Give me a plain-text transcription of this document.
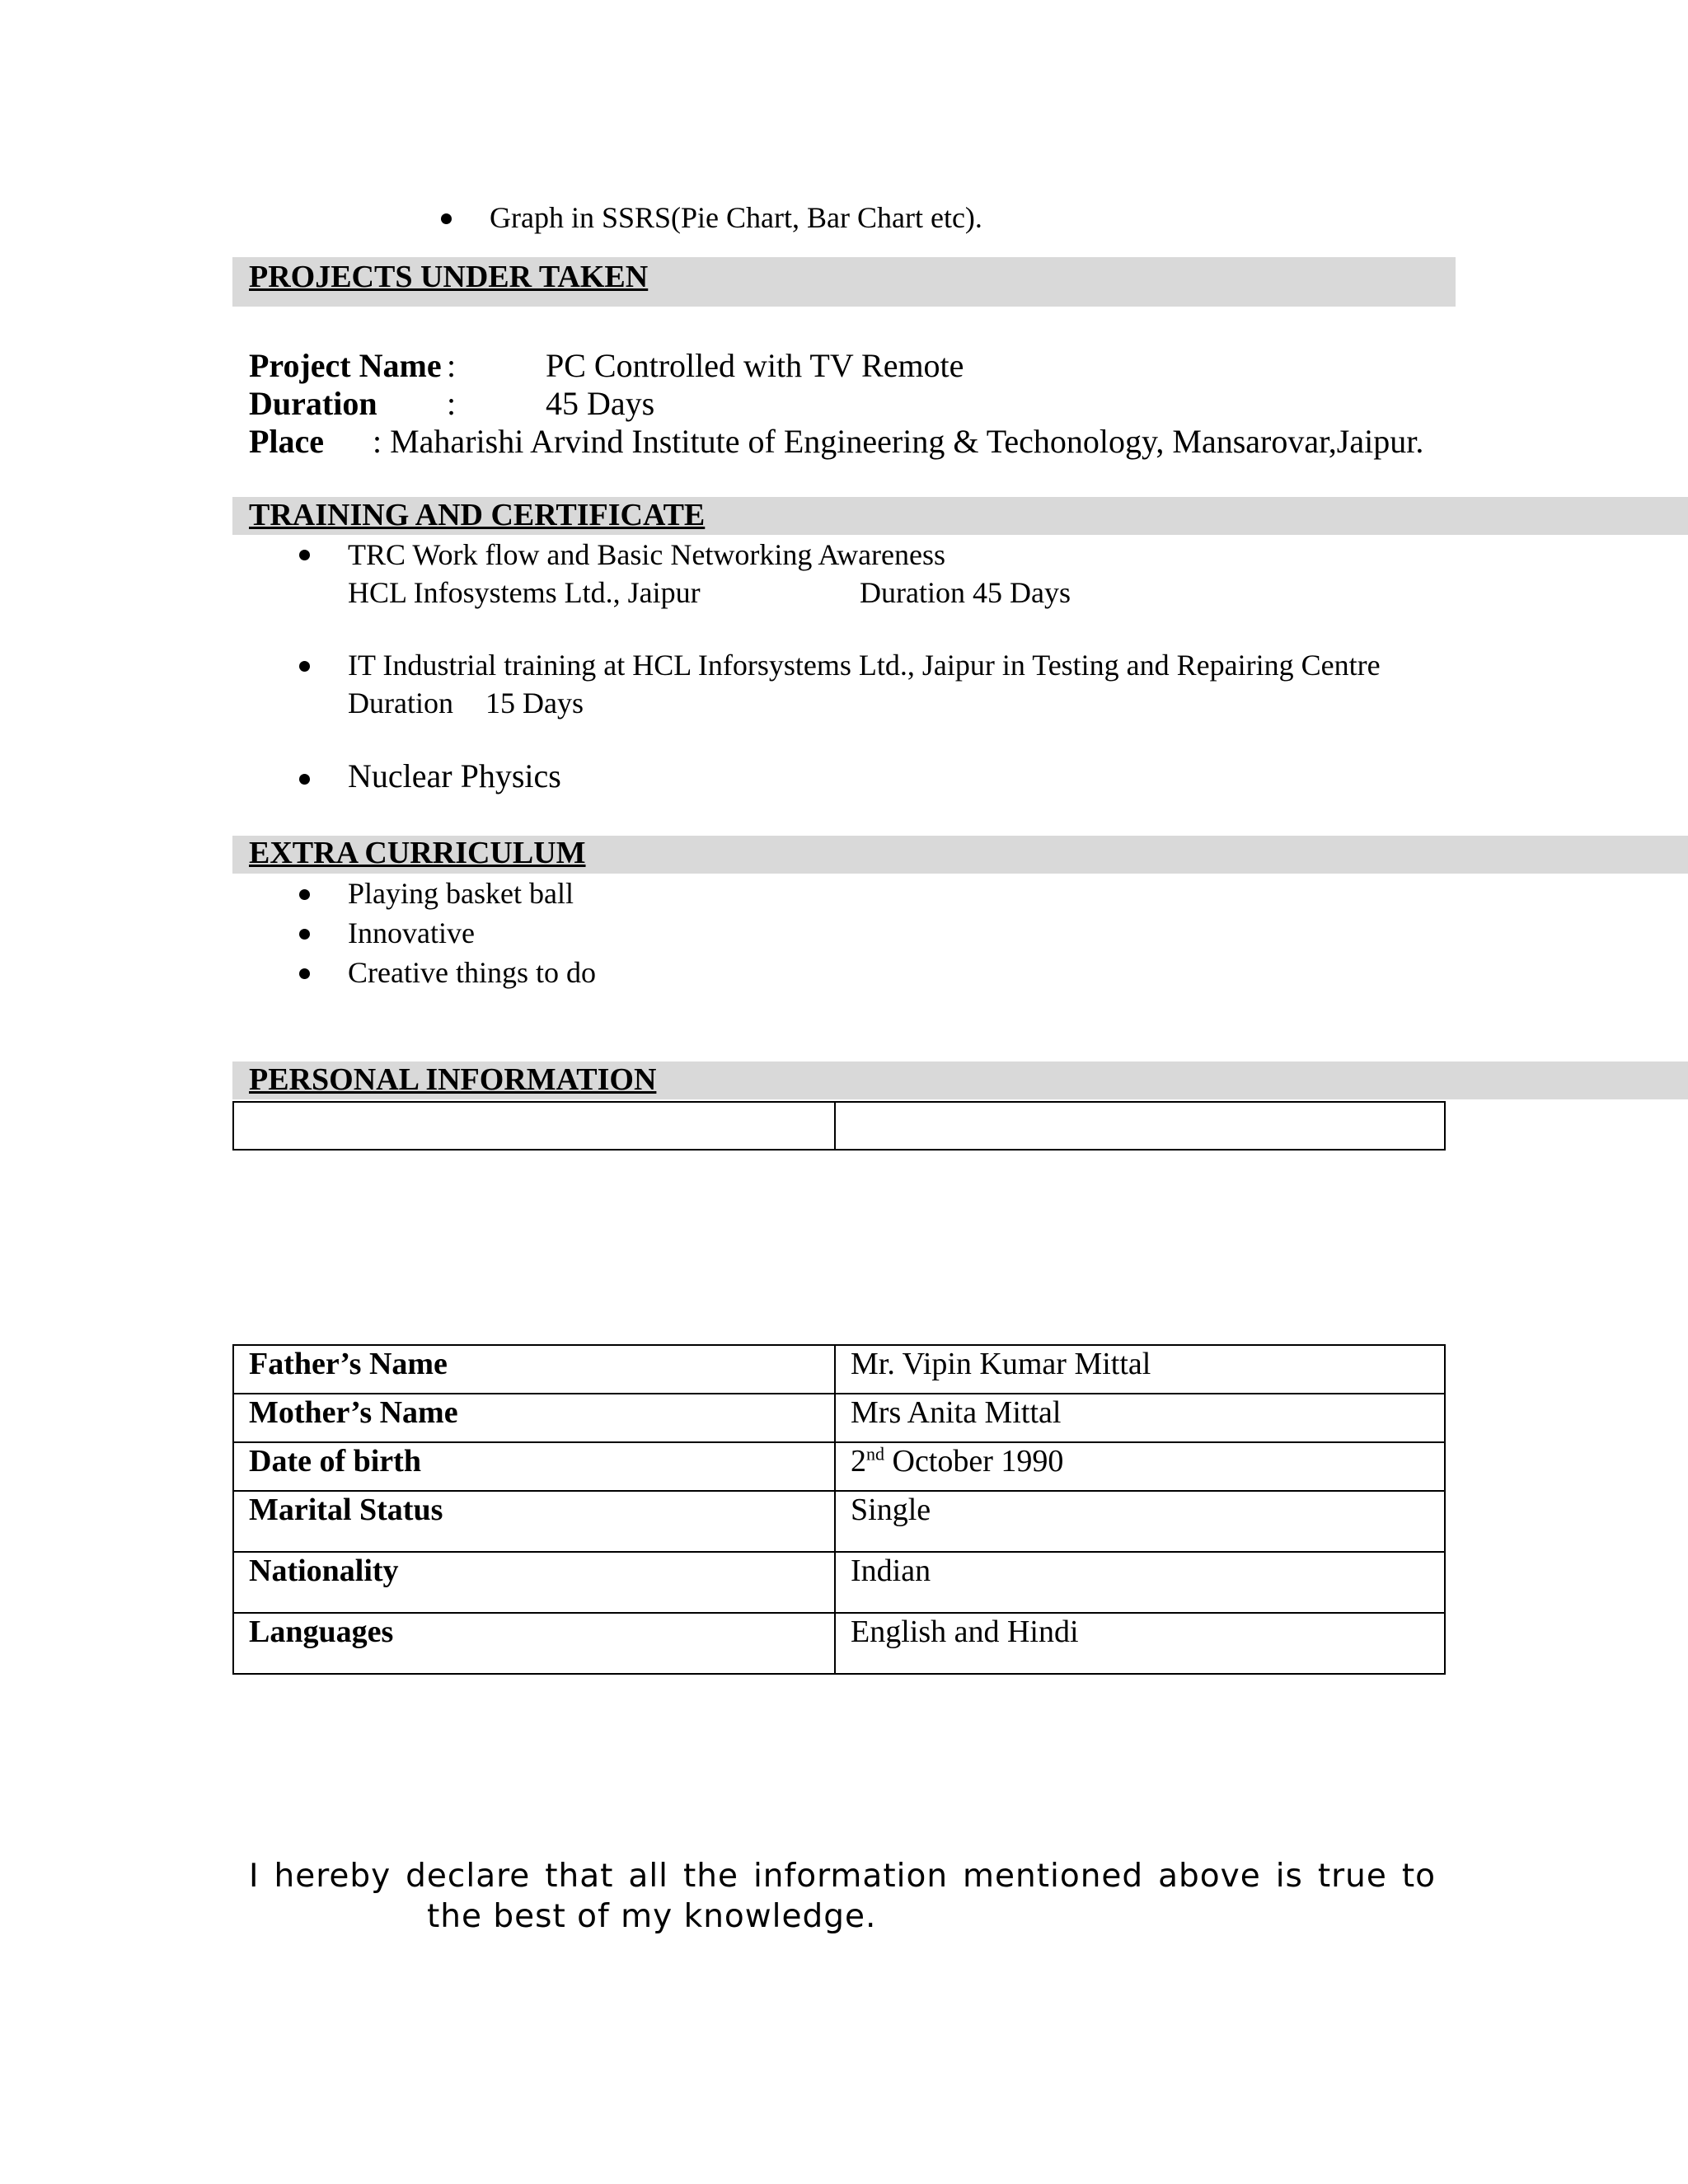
Graph in SSRS(Pie Chart, Bar Chart etc).
PROJECTS UNDER TAKEN
Project Name :	PC Controlled with TV Remote
Duration :	45 Days
Place : Maharishi Arvind Institute of Engineering & Techonology, Mansarovar,Jaipur.
TRAINING AND CERTIFICATE
TRC Work flow and Basic Networking Awareness
HCL Infosystems Ltd., Jaipur	Duration 45 Days
IT Industrial training at HCL Inforsystems Ltd., Jaipur in Testing and Repairing Centre
Duration 15 Days
Nuclear Physics
EXTRA CURRICULUM
Playing basket ball
Innovative
Creative things to do
PERSONAL INFORMATION

Father’s Name	Mr. Vipin Kumar Mittal
Mother’s Name	Mrs Anita Mittal
Date of birth	2nd October 1990
Marital Status	Single
Nationality	Indian
Languages	English and Hindi
I hereby declare that all the information mentioned above is true to
the best of my knowledge.
